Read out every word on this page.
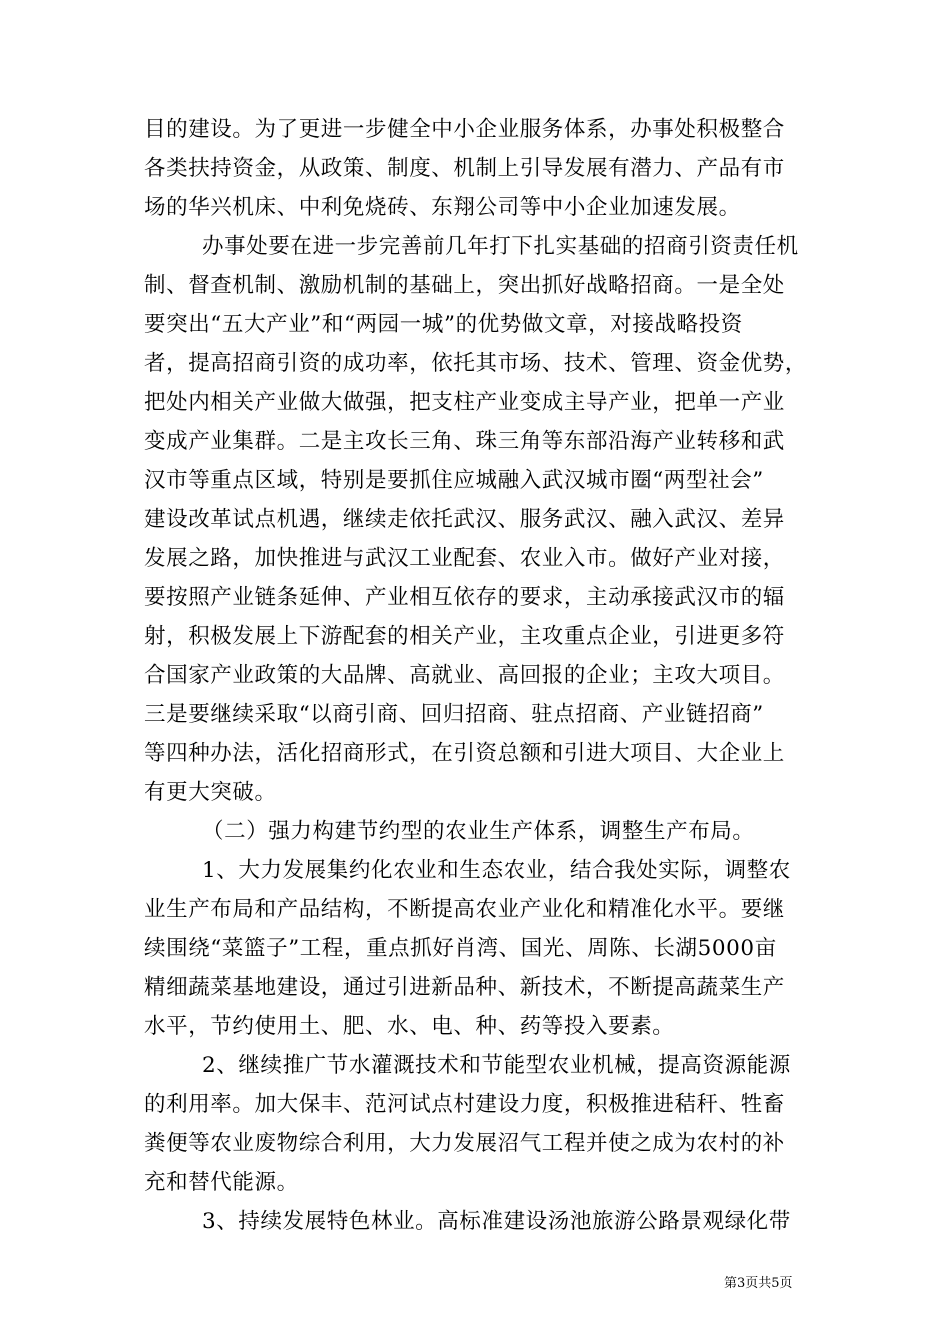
目的建设。为了更进一步健全中小企业服务体系，办事处积极整合
各类扶持资金，从政策、制度、机制上引导发展有潜力、产品有市
场的华兴机床、中利免烧砖、东翔公司等中小企业加速发展。
办事处要在进一步完善前几年打下扎实基础的招商引资责任机
制、督查机制、激励机制的基础上，突出抓好战略招商。一是全处
要突出“五大产业”和“两园一城”的优势做文章，对接战略投资
者，提高招商引资的成功率，依托其市场、技术、管理、资金优势，
把处内相关产业做大做强，把支柱产业变成主导产业，把单一产业
变成产业集群。二是主攻长三角、珠三角等东部沿海产业转移和武
汉市等重点区域，特别是要抓住应城融入武汉城市圈“两型社会”
建设改革试点机遇，继续走依托武汉、服务武汉、融入武汉、差异
发展之路，加快推进与武汉工业配套、农业入市。做好产业对接，
要按照产业链条延伸、产业相互依存的要求，主动承接武汉市的辐
射，积极发展上下游配套的相关产业，主攻重点企业，引进更多符
合国家产业政策的大品牌、高就业、高回报的企业；主攻大项目。
三是要继续采取“以商引商、回归招商、驻点招商、产业链招商”
等四种办法，活化招商形式，在引资总额和引进大项目、大企业上
有更大突破。
（二）强力构建节约型的农业生产体系，调整生产布局。
1、大力发展集约化农业和生态农业，结合我处实际，调整农
业生产布局和产品结构，不断提高农业产业化和精准化水平。要继
续围绕“菜篮子”工程，重点抓好肖湾、国光、周陈、长湖5000亩
精细蔬菜基地建设，通过引进新品种、新技术，不断提高蔬菜生产
水平，节约使用土、肥、水、电、种、药等投入要素。
2、继续推广节水灌溉技术和节能型农业机械，提高资源能源
的利用率。加大保丰、范河试点村建设力度，积极推进秸秆、牲畜
粪便等农业废物综合利用，大力发展沼气工程并使之成为农村的补
充和替代能源。
3、持续发展特色林业。高标准建设汤池旅游公路景观绿化带
第3页共5页
